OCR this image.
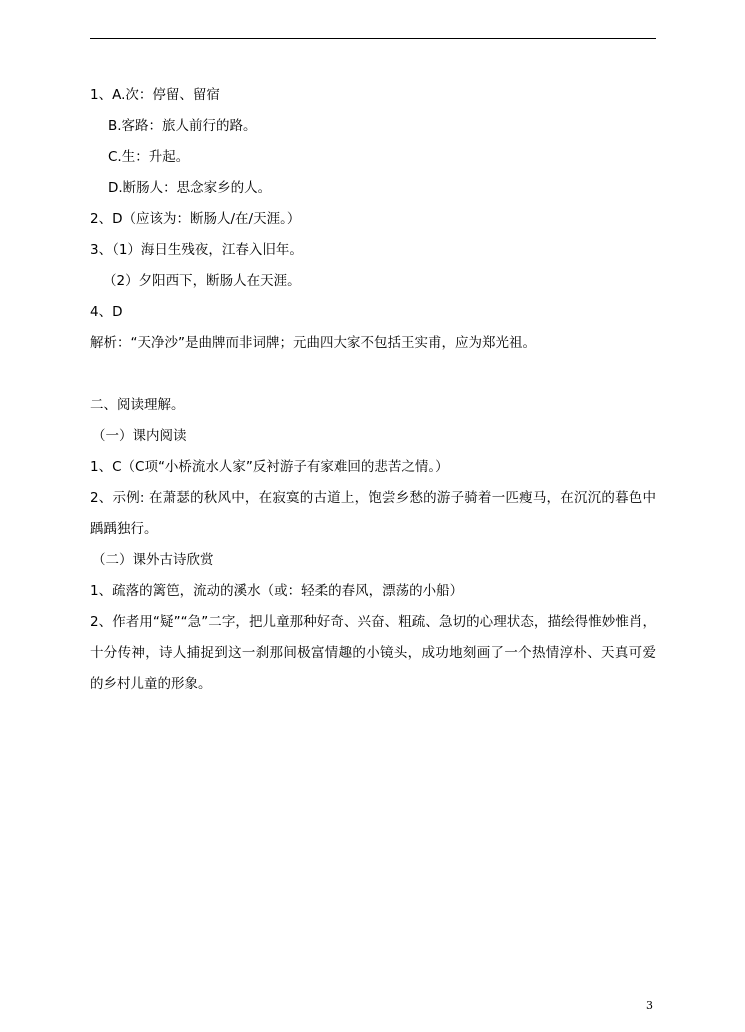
1、A.次：停留、留宿
B.客路：旅人前行的路。
C.生：升起。
D.断肠人：思念家乡的人。
2、D（应该为：断肠人/在/天涯。）
3、（1）海日生残夜，江春入旧年。
（2）夕阳西下，断肠人在天涯。
4、D
解析：“天净沙”是曲牌而非词牌；元曲四大家不包括王实甫，应为郑光祖。
二、阅读理解。
（一）课内阅读
1、C（C项“小桥流水人家”反衬游子有家难回的悲苦之情。）
2、示例: 在萧瑟的秋风中，在寂寞的古道上，饱尝乡愁的游子骑着一匹瘦马，在沉沉的暮色中踽踽独行。
（二）课外古诗欣赏
1、疏落的篱笆，流动的溪水（或：轻柔的春风，漂荡的小船）
2、作者用“疑”“急”二字，把儿童那种好奇、兴奋、粗疏、急切的心理状态，描绘得惟妙惟肖，十分传神，诗人捕捉到这一刹那间极富情趣的小镜头，成功地刻画了一个热情淳朴、天真可爱的乡村儿童的形象。
3
